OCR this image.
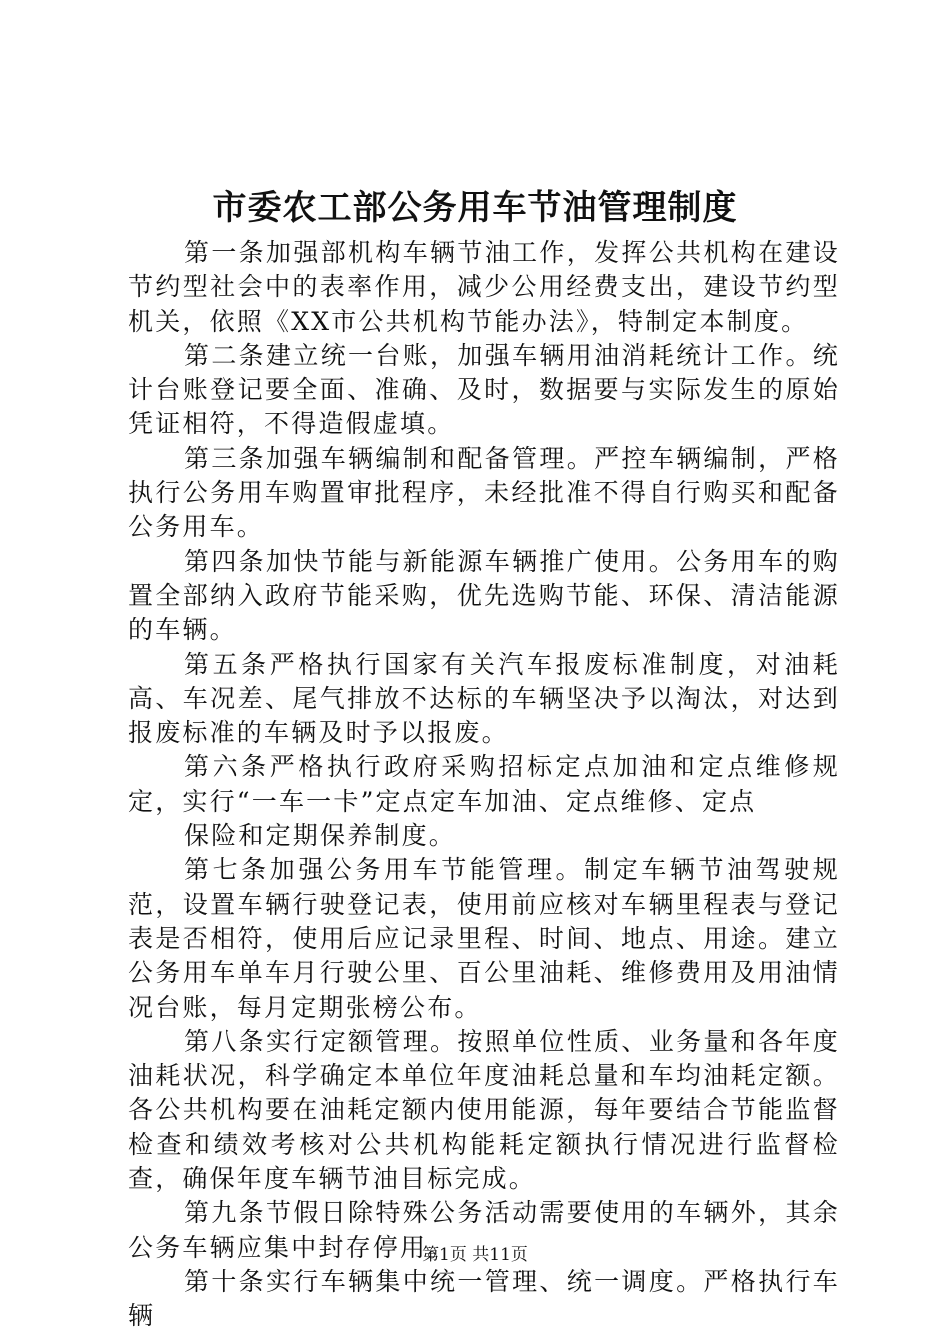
市委农工部公务用车节油管理制度

第一条加强部机构车辆节油工作，发挥公共机构在建设节约型社会中的表率作用，减少公用经费支出，建设节约型机关，依照《XX市公共机构节能办法》，特制定本制度。

第二条建立统一台账，加强车辆用油消耗统计工作。统计台账登记要全面、准确、及时，数据要与实际发生的原始凭证相符，不得造假虚填。

第三条加强车辆编制和配备管理。严控车辆编制，严格执行公务用车购置审批程序，未经批准不得自行购买和配备公务用车。

第四条加快节能与新能源车辆推广使用。公务用车的购置全部纳入政府节能采购，优先选购节能、环保、清洁能源的车辆。

第五条严格执行国家有关汽车报废标准制度，对油耗高、车况差、尾气排放不达标的车辆坚决予以淘汰，对达到报废标准的车辆及时予以报废。

第六条严格执行政府采购招标定点加油和定点维修规定，实行“一车一卡”定点定车加油、定点维修、定点

保险和定期保养制度。

第七条加强公务用车节能管理。制定车辆节油驾驶规范，设置车辆行驶登记表，使用前应核对车辆里程表与登记表是否相符，使用后应记录里程、时间、地点、用途。建立公务用车单车月行驶公里、百公里油耗、维修费用及用油情况台账，每月定期张榜公布。

第八条实行定额管理。按照单位性质、业务量和各年度油耗状况，科学确定本单位年度油耗总量和车均油耗定额。各公共机构要在油耗定额内使用能源，每年要结合节能监督检查和绩效考核对公共机构能耗定额执行情况进行监督检查，确保年度车辆节油目标完成。

第九条节假日除特殊公务活动需要使用的车辆外，其余公务车辆应集中封存停用。

第十条实行车辆集中统一管理、统一调度。严格执行车辆

第1页 共11页
